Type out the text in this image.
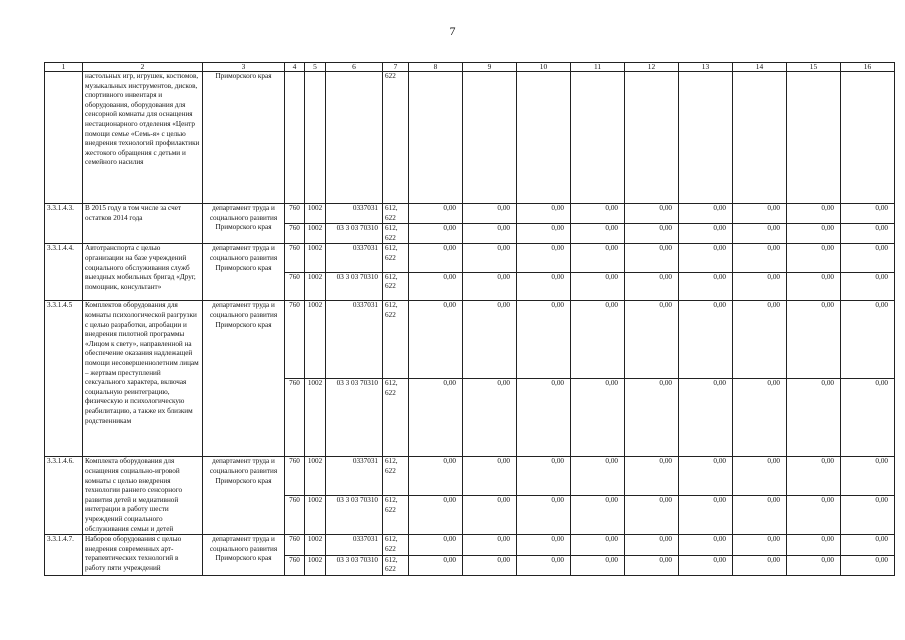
7
1	2	3	4	5	6	7	8	9	10	11	12	13	14	15	16
	настольных игр, игрушек, костюмов, музыкальных инструментов, дисков, спортивного инвентаря и оборудования, оборудования для сенсорной комнаты для оснащения нестационарного отделения «Центр помощи семье «Семь-я» с целью внедрения технологий профилактики жестокого обращения с детьми и семейного насилия	Приморского края				622									
3.3.1.4.3.	В 2015 году в том числе за счет остатков 2014 года	департамент труда и социального развития Приморского края	760	1002	0337031	612, 622	0,00	0,00	0,00	0,00	0,00	0,00	0,00	0,00	0,00
			760	1002	03 3 03 70310	612, 622	0,00	0,00	0,00	0,00	0,00	0,00	0,00	0,00	0,00
3.3.1.4.4.	Автотранспорта с целью организации на базе учреждений социального обслуживания служб выездных мобильных бригад «Друг, помощник, консультант»	департамент труда и социального развития Приморского края	760	1002	0337031	612, 622	0,00	0,00	0,00	0,00	0,00	0,00	0,00	0,00	0,00
			760	1002	03 3 03 70310	612, 622	0,00	0,00	0,00	0,00	0,00	0,00	0,00	0,00	0,00
3.3.1.4.5	Комплектов оборудования для комнаты психологической разгрузки с целью разработки, апробации и внедрения пилотной программы «Лицом к свету», направленной на обеспечение оказания надлежащей помощи несовершеннолетним лицам – жертвам преступлений сексуального характера, включая социальную реинтеграцию, физическую и психологическую реабилитацию, а также их близким родственникам	департамент труда и социального развития Приморского края	760	1002	0337031	612, 622	0,00	0,00	0,00	0,00	0,00	0,00	0,00	0,00	0,00
			760	1002	03 3 03 70310	612, 622	0,00	0,00	0,00	0,00	0,00	0,00	0,00	0,00	0,00
3.3.1.4.6.	Комплекта оборудования для оснащения социально-игровой комнаты с целью внедрения технологии раннего сенсорного развития детей и медиативной интеграции в работу шести учреждений социального обслуживания семьи и детей	департамент труда и социального развития Приморского края	760	1002	0337031	612, 622	0,00	0,00	0,00	0,00	0,00	0,00	0,00	0,00	0,00
			760	1002	03 3 03 70310	612, 622	0,00	0,00	0,00	0,00	0,00	0,00	0,00	0,00	0,00
3.3.1.4.7.	Наборов оборудования с целью внедрения современных арт-терапевтических технологий в работу пяти учреждений	департамент труда и социального развития Приморского края	760	1002	0337031	612, 622	0,00	0,00	0,00	0,00	0,00	0,00	0,00	0,00	0,00
			760	1002	03 3 03 70310	612, 622	0,00	0,00	0,00	0,00	0,00	0,00	0,00	0,00	0,00
